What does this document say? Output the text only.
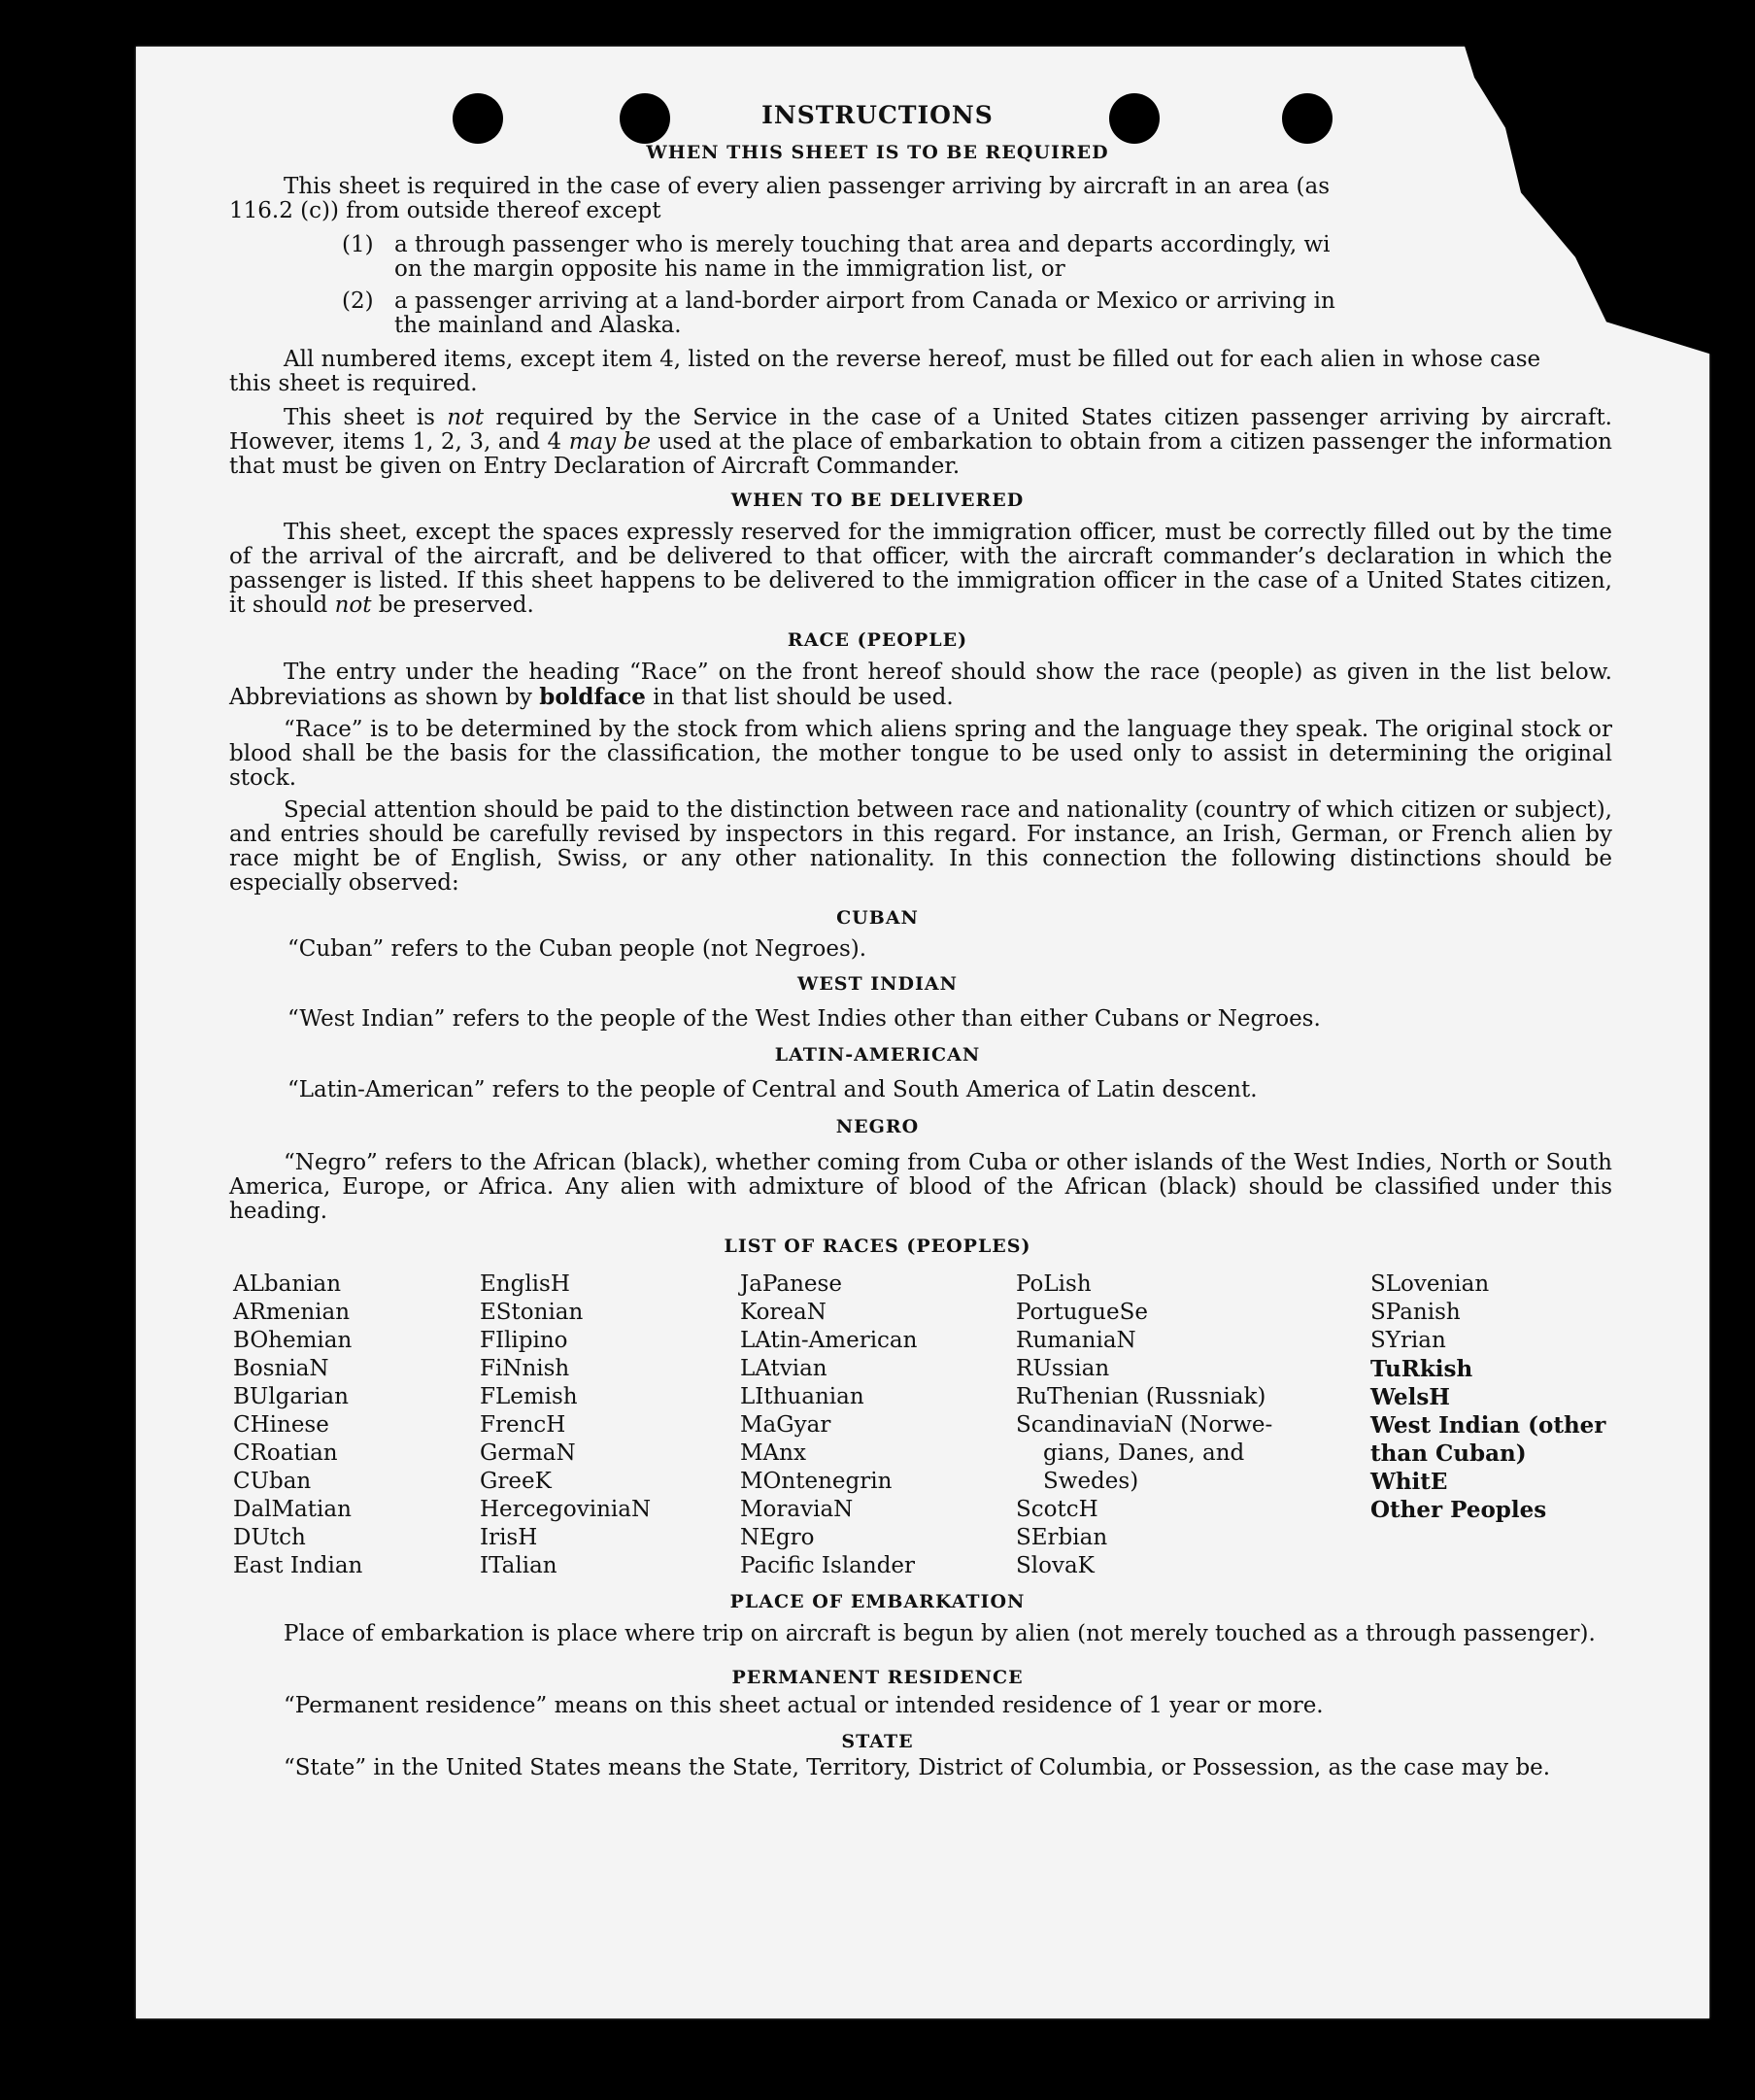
INSTRUCTIONS
WHEN THIS SHEET IS TO BE REQUIRED
This sheet is required in the case of every alien passenger arriving by aircraft in an area (as
116.2 (c)) from outside thereof except
(1) a through passenger who is merely touching that area and departs accordingly, wi
on the margin opposite his name in the immigration list, or
(2) a passenger arriving at a land-border airport from Canada or Mexico or arriving in
the mainland and Alaska.
All numbered items, except item 4, listed on the reverse hereof, must be filled out for each alien in whose case
this sheet is required.
This sheet is not required by the Service in the case of a United States citizen passenger arriving by aircraft. However, items 1, 2, 3, and 4 may be used at the place of embarkation to obtain from a citizen passenger the information that must be given on Entry Declaration of Aircraft Commander.
WHEN TO BE DELIVERED
This sheet, except the spaces expressly reserved for the immigration officer, must be correctly filled out by the time of the arrival of the aircraft, and be delivered to that officer, with the aircraft commander’s declaration in which the passenger is listed. If this sheet happens to be delivered to the immigration officer in the case of a United States citizen, it should not be preserved.
RACE (PEOPLE)
The entry under the heading “Race” on the front hereof should show the race (people) as given in the list below. Abbreviations as shown by boldface in that list should be used.
“Race” is to be determined by the stock from which aliens spring and the language they speak. The original stock or blood shall be the basis for the classification, the mother tongue to be used only to assist in determining the original stock.
Special attention should be paid to the distinction between race and nationality (country of which citizen or subject), and entries should be carefully revised by inspectors in this regard. For instance, an Irish, German, or French alien by race might be of English, Swiss, or any other nationality. In this connection the following distinctions should be especially observed:
CUBAN
“Cuban” refers to the Cuban people (not Negroes).
WEST INDIAN
“West Indian” refers to the people of the West Indies other than either Cubans or Negroes.
LATIN-AMERICAN
“Latin-American” refers to the people of Central and South America of Latin descent.
NEGRO
“Negro” refers to the African (black), whether coming from Cuba or other islands of the West Indies, North or South America, Europe, or Africa. Any alien with admixture of blood of the African (black) should be classified under this heading.
LIST OF RACES (PEOPLES)
ALbanian
ARmenian
BOhemian
BosniaN
BUlgarian
CHinese
CRoatian
CUban
DalMatian
DUtch
East Indian
EnglisH
EStonian
FIlipino
FiNnish
FLemish
FrencH
GermaN
GreeK
HercegoviniaN
IrisH
ITalian
JaPanese
KoreaN
LAtin-American
LAtvian
LIthuanian
MaGyar
MAnx
MOntenegrin
MoraviaN
NEgro
Pacific Islander
PoLish
PortugueSe
RumaniaN
RUssian
RuThenian (Russniak)
ScandinaviaN (Norwe-
gians, Danes, and
Swedes)
ScotcH
SErbian
SlovaK
SLovenian
SPanish
SYrian
TuRkish
WelsH
West Indian (other
than Cuban)
WhitE
Other Peoples
PLACE OF EMBARKATION
Place of embarkation is place where trip on aircraft is begun by alien (not merely touched as a through passenger).
PERMANENT RESIDENCE
“Permanent residence” means on this sheet actual or intended residence of 1 year or more.
STATE
“State” in the United States means the State, Territory, District of Columbia, or Possession, as the case may be.
